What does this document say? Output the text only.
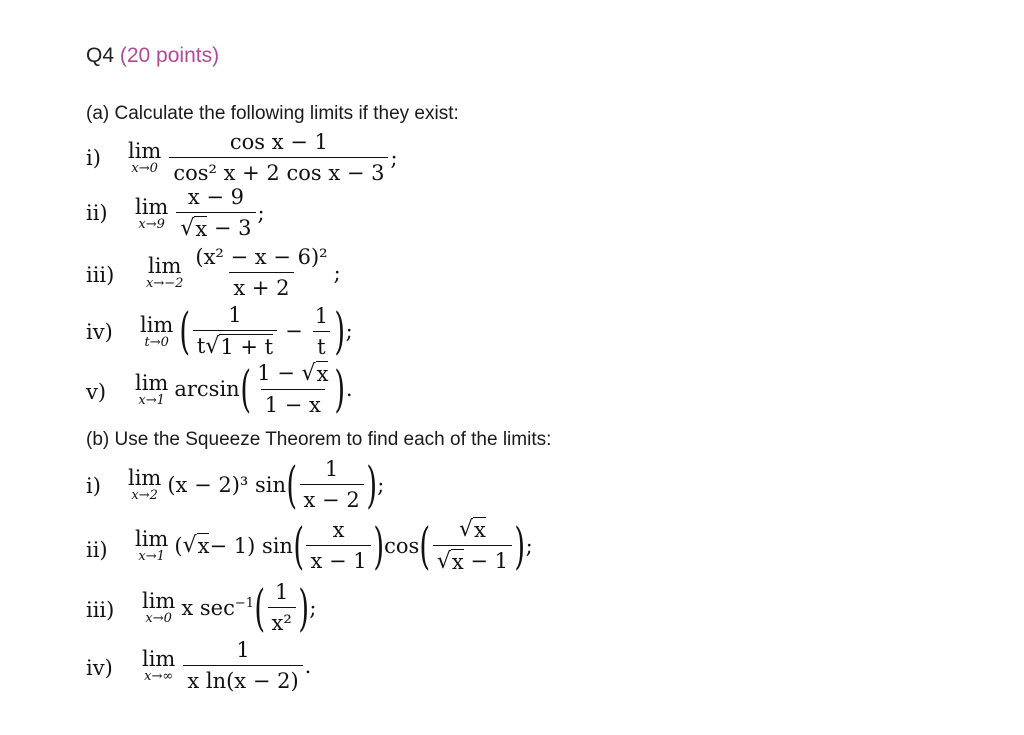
Q4 (20 points)
(a) Calculate the following limits if they exist:
i) lim
$x\to 0 \frac{\text{cos x − 1}}{\text{cos² x + 2 cos x − 3}}$ ;
ii) lim
$x\to 9 \frac{x - 9}{√ x - 3}$ ;
iii) lim
$x\to-2 \frac{\text{(x² − x − 6)²}}{x + 2}$ ;
iv) lim
t→0 ( $\frac{1}{t √ 1 + t} - \frac{1}{t}$ ) ;
v) lim
x→1 arcsin ( $\frac{1 - √ x}{1 - x}$ ) .
(b) Use the Squeeze Theorem to find each of the limits:
i) lim
x→2 (x − 2)³ sin ( $\frac{1}{x - 2}$ ) ;
ii) lim
x→1 ( √ x − 1) sin ( $\frac{x}{x - 1}$ ) cos ( $\frac{√ x}{√ x - 1}$ ) ;
iii) lim
x→0 x sec −1 ( $\frac{1}{\text{x²}}$ ) ;
iv) lim
$x\to\infty \frac{1}{\text{x ln(x − 2)}}$ .
